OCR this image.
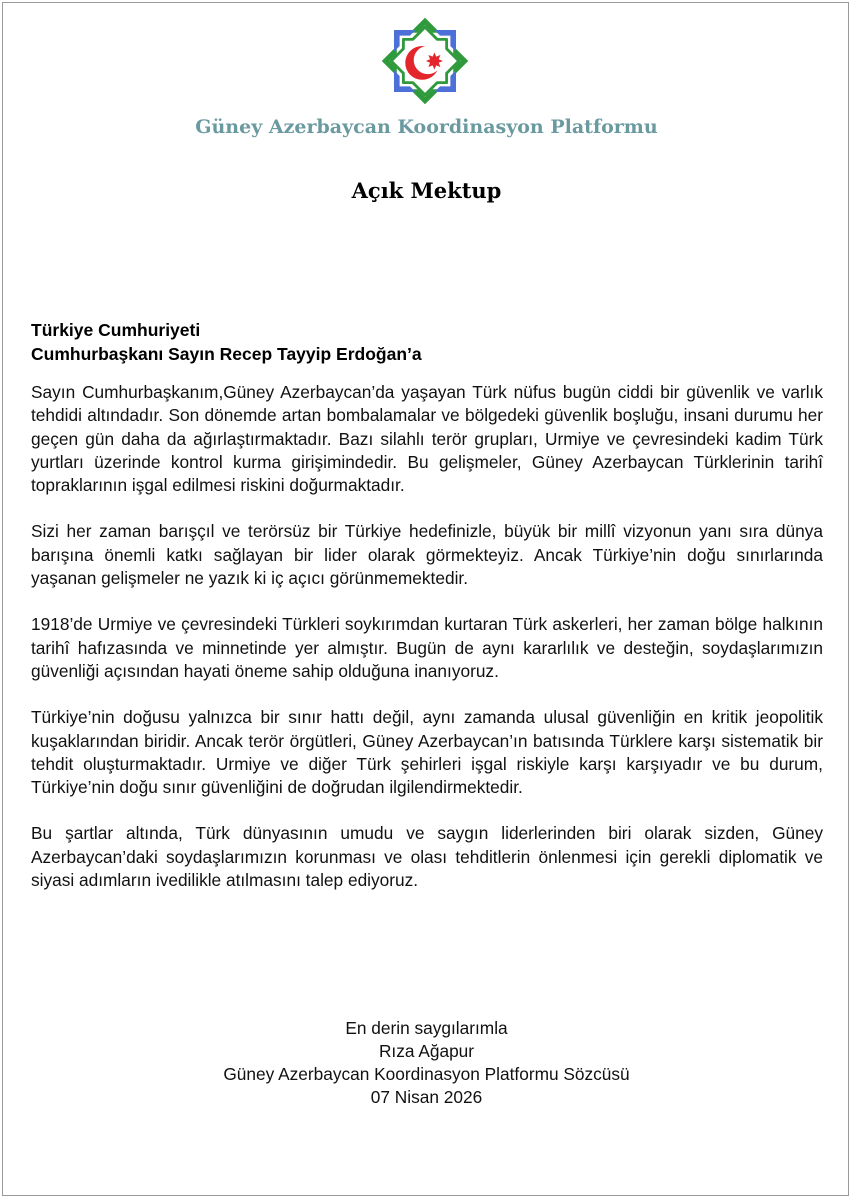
Güney Azerbaycan Koordinasyon Platformu
Açık Mektup
Türkiye Cumhuriyeti
Cumhurbaşkanı Sayın Recep Tayyip Erdoğan’a

Sayın Cumhurbaşkanım,Güney Azerbaycan’da yaşayan Türk nüfus bugün ciddi bir güvenlik ve varlık tehdidi altındadır. Son dönemde artan bombalamalar ve bölgedeki güvenlik boşluğu, insani durumu her geçen gün daha da ağırlaştırmaktadır. Bazı silahlı terör grupları, Urmiye ve çevresindeki kadim Türk yurtları üzerinde kontrol kurma girişimindedir. Bu gelişmeler, Güney Azerbaycan Türklerinin tarihî topraklarının işgal edilmesi riskini doğurmaktadır.

Sizi her zaman barışçıl ve terörsüz bir Türkiye hedefinizle, büyük bir millî vizyonun yanı sıra dünya barışına önemli katkı sağlayan bir lider olarak görmekteyiz. Ancak Türkiye’nin doğu sınırlarında yaşanan gelişmeler ne yazık ki iç açıcı görünmemektedir.

1918’de Urmiye ve çevresindeki Türkleri soykırımdan kurtaran Türk askerleri, her zaman bölge halkının tarihî hafızasında ve minnetinde yer almıştır. Bugün de aynı kararlılık ve desteğin, soydaşlarımızın güvenliği açısından hayati öneme sahip olduğuna inanıyoruz.

Türkiye’nin doğusu yalnızca bir sınır hattı değil, aynı zamanda ulusal güvenliğin en kritik jeopolitik kuşaklarından biridir. Ancak terör örgütleri, Güney Azerbaycan’ın batısında Türklere karşı sistematik bir tehdit oluşturmaktadır. Urmiye ve diğer Türk şehirleri işgal riskiyle karşı karşıyadır ve bu durum, Türkiye’nin doğu sınır güvenliğini de doğrudan ilgilendirmektedir.

Bu şartlar altında, Türk dünyasının umudu ve saygın liderlerinden biri olarak sizden, Güney Azerbaycan’daki soydaşlarımızın korunması ve olası tehditlerin önlenmesi için gerekli diplomatik ve siyasi adımların ivedilikle atılmasını talep ediyoruz.

En derin saygılarımla
Rıza Ağapur
Güney Azerbaycan Koordinasyon Platformu Sözcüsü
07 Nisan 2026
